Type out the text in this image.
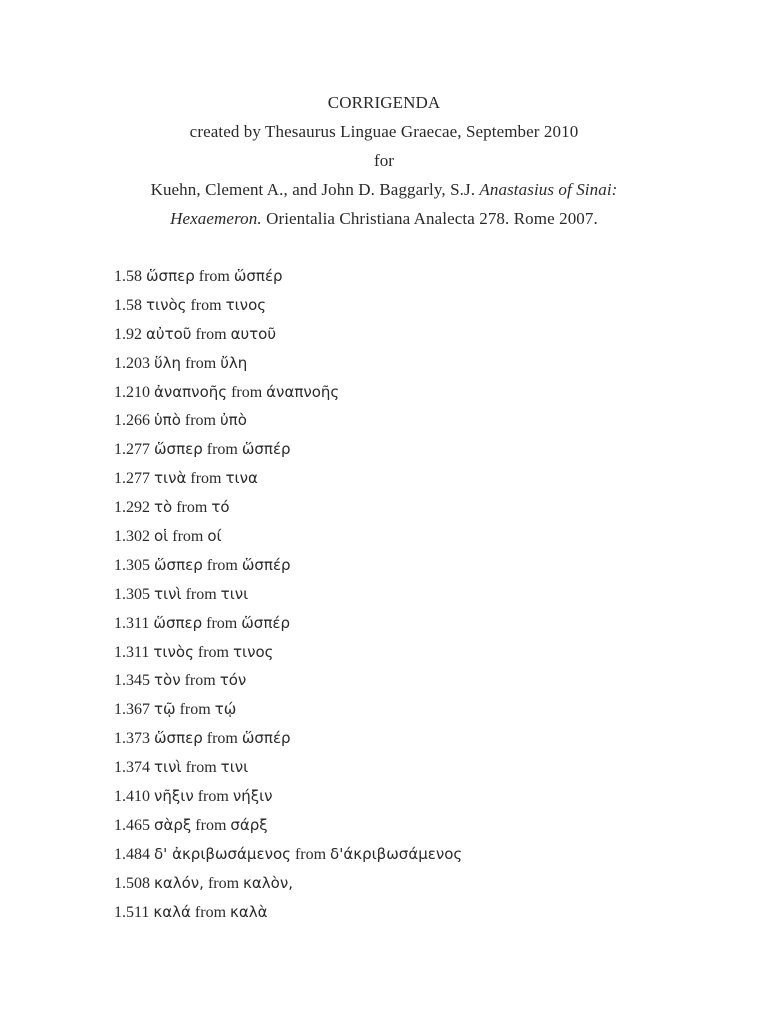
CORRIGENDA
created by Thesaurus Linguae Graecae, September 2010
for
Kuehn, Clement A., and John D. Baggarly, S.J. Anastasius of Sinai:
Hexaemeron. Orientalia Christiana Analecta 278. Rome 2007.
1.58 ὥσπερ from ὥσπέρ
1.58 τινὸς from τινος
1.92 αὐτοῦ from αυτοῦ
1.203 ὕλη from ὔλη
1.210 ἀναπνοῆς from άναπνοῆς
1.266 ὑπὸ from ὐπὸ
1.277 ὥσπερ from ὥσπέρ
1.277 τινὰ from τινα
1.292 τὸ from τό
1.302 οἱ from οί
1.305 ὥσπερ from ὥσπέρ
1.305 τινὶ from τινι
1.311 ὥσπερ from ὥσπέρ
1.311 τινὸς from τινος
1.345 τὸν from τόν
1.367 τῷ from τῴ
1.373 ὥσπερ from ὥσπέρ
1.374 τινὶ from τινι
1.410 νῆξιν from νήξιν
1.465 σὰρξ from σάρξ
1.484 δ' ἀκριβωσάμενος from δ'άκριβωσάμενος
1.508 καλόν, from καλὸν,
1.511 καλά from καλὰ
